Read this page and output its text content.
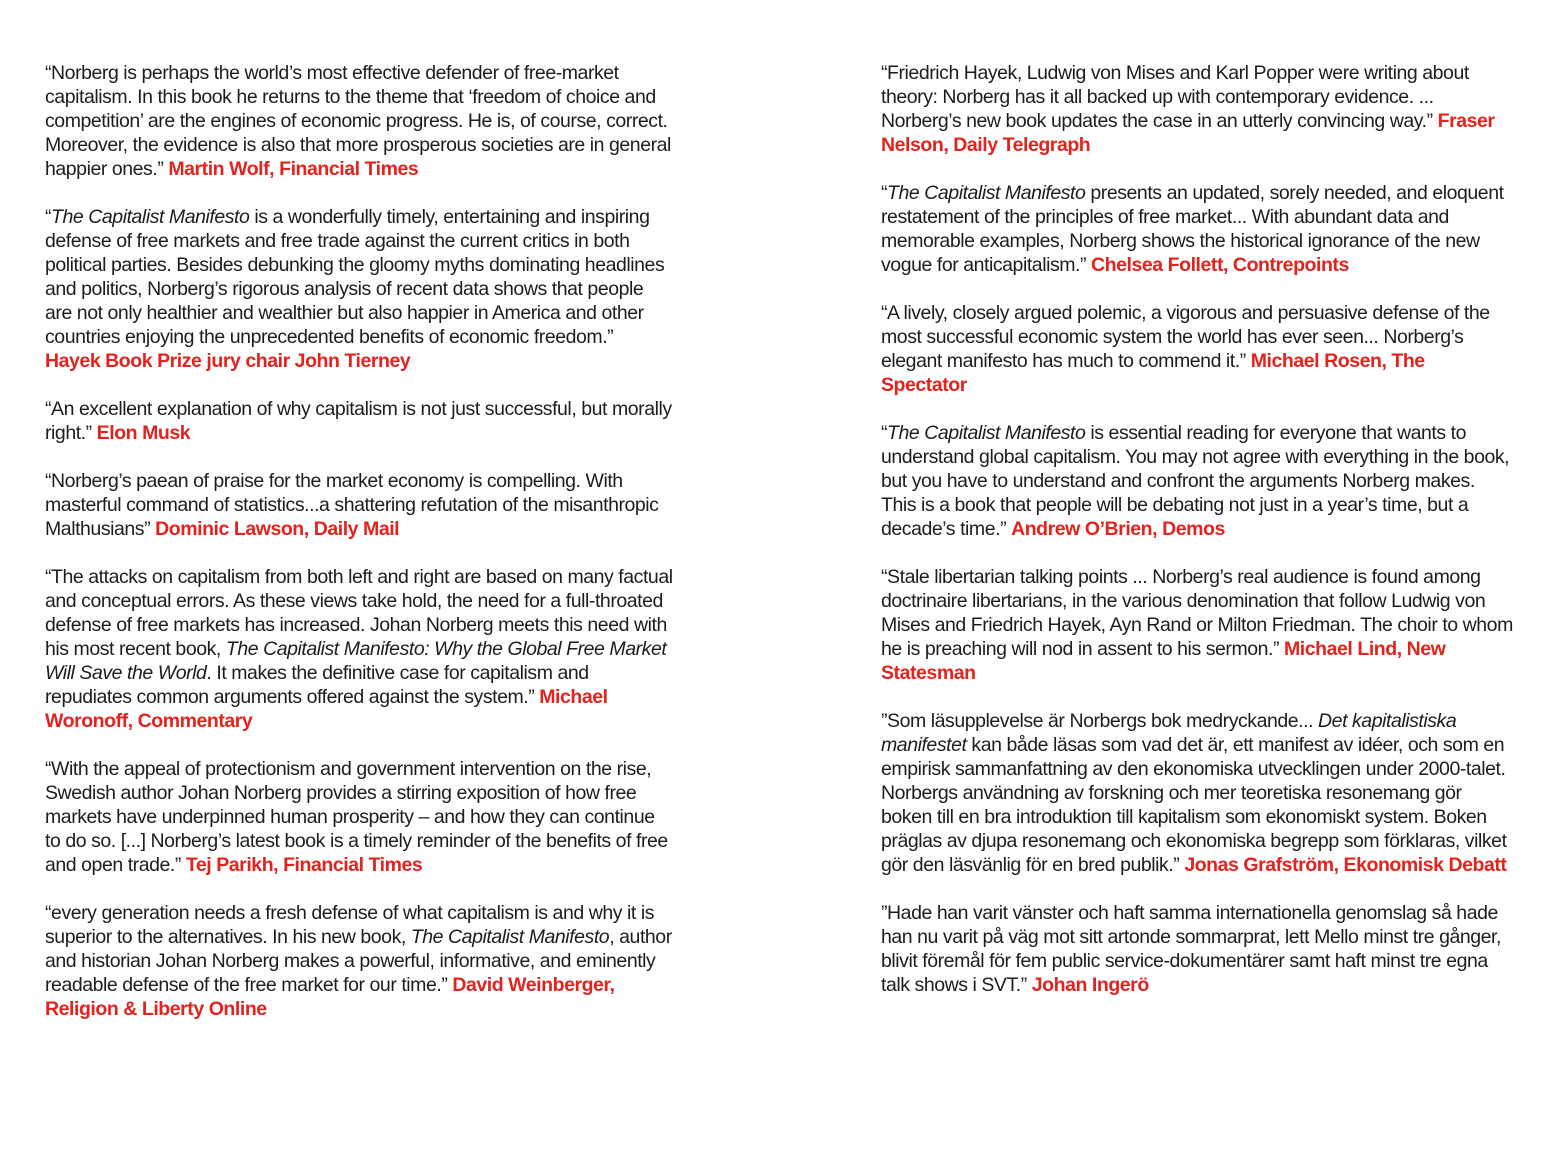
“Norberg is perhaps the world’s most effective defender of free-market capitalism. In this book he returns to the theme that ‘freedom of choice and competition’ are the engines of economic progress. He is, of course, correct. Moreover, the evidence is also that more prosperous societies are in general happier ones.” Martin Wolf, Financial Times

“The Capitalist Manifesto is a wonderfully timely, entertaining and inspiring defense of free markets and free trade against the current critics in both political parties. Besides debunking the gloomy myths dominating headlines and politics, Norberg’s rigorous analysis of recent data shows that people are not only healthier and wealthier but also happier in America and other countries enjoying the unprecedented benefits of economic freedom.” Hayek Book Prize jury chair John Tierney

“An excellent explanation of why capitalism is not just successful, but morally right.” Elon Musk

“Norberg’s paean of praise for the market economy is compelling. With masterful command of statistics...a shattering refutation of the misanthropic Malthusians” Dominic Lawson, Daily Mail

“The attacks on capitalism from both left and right are based on many factual and conceptual errors. As these views take hold, the need for a full-throated defense of free markets has increased. Johan Norberg meets this need with his most recent book, The Capitalist Manifesto: Why the Global Free Market Will Save the World. It makes the definitive case for capitalism and repudiates common arguments offered against the system.” Michael Woronoff, Commentary

“With the appeal of protectionism and government intervention on the rise, Swedish author Johan Norberg provides a stirring exposition of how free markets have underpinned human prosperity – and how they can continue to do so. [...] Norberg’s latest book is a timely reminder of the benefits of free and open trade.” Tej Parikh, Financial Times

“every generation needs a fresh defense of what capitalism is and why it is superior to the alternatives. In his new book, The Capitalist Manifesto, author and historian Johan Norberg makes a powerful, informative, and eminently readable defense of the free market for our time.” David Weinberger, Religion & Liberty Online

“Friedrich Hayek, Ludwig von Mises and Karl Popper were writing about theory: Norberg has it all backed up with contemporary evidence. ... Norberg’s new book updates the case in an utterly convincing way.” Fraser Nelson, Daily Telegraph

“The Capitalist Manifesto presents an updated, sorely needed, and eloquent restatement of the principles of free market... With abundant data and memorable examples, Norberg shows the historical ignorance of the new vogue for anticapitalism.” Chelsea Follett, Contrepoints

“A lively, closely argued polemic, a vigorous and persuasive defense of the most successful economic system the world has ever seen... Norberg’s elegant manifesto has much to commend it.” Michael Rosen, The Spectator

“The Capitalist Manifesto is essential reading for everyone that wants to understand global capitalism. You may not agree with everything in the book, but you have to understand and confront the arguments Norberg makes. This is a book that people will be debating not just in a year’s time, but a decade’s time.” Andrew O’Brien, Demos

“Stale libertarian talking points ... Norberg’s real audience is found among doctrinaire libertarians, in the various denomination that follow Ludwig von Mises and Friedrich Hayek, Ayn Rand or Milton Friedman. The choir to whom he is preaching will nod in assent to his sermon.” Michael Lind, New Statesman

”Som läsupplevelse är Norbergs bok medryckande... Det kapitalistiska manifestet kan både läsas som vad det är, ett manifest av idéer, och som en empirisk sammanfattning av den ekonomiska utvecklingen under 2000-talet. Norbergs användning av forskning och mer teoretiska resonemang gör boken till en bra introduktion till kapitalism som ekonomiskt system. Boken präglas av djupa resonemang och ekonomiska begrepp som förklaras, vilket gör den läsvänlig för en bred publik.” Jonas Grafström, Ekonomisk Debatt

”Hade han varit vänster och haft samma internationella genomslag så hade han nu varit på väg mot sitt artonde sommarprat, lett Mello minst tre gånger, blivit föremål för fem public service-dokumentärer samt haft minst tre egna talk shows i SVT.” Johan Ingerö
